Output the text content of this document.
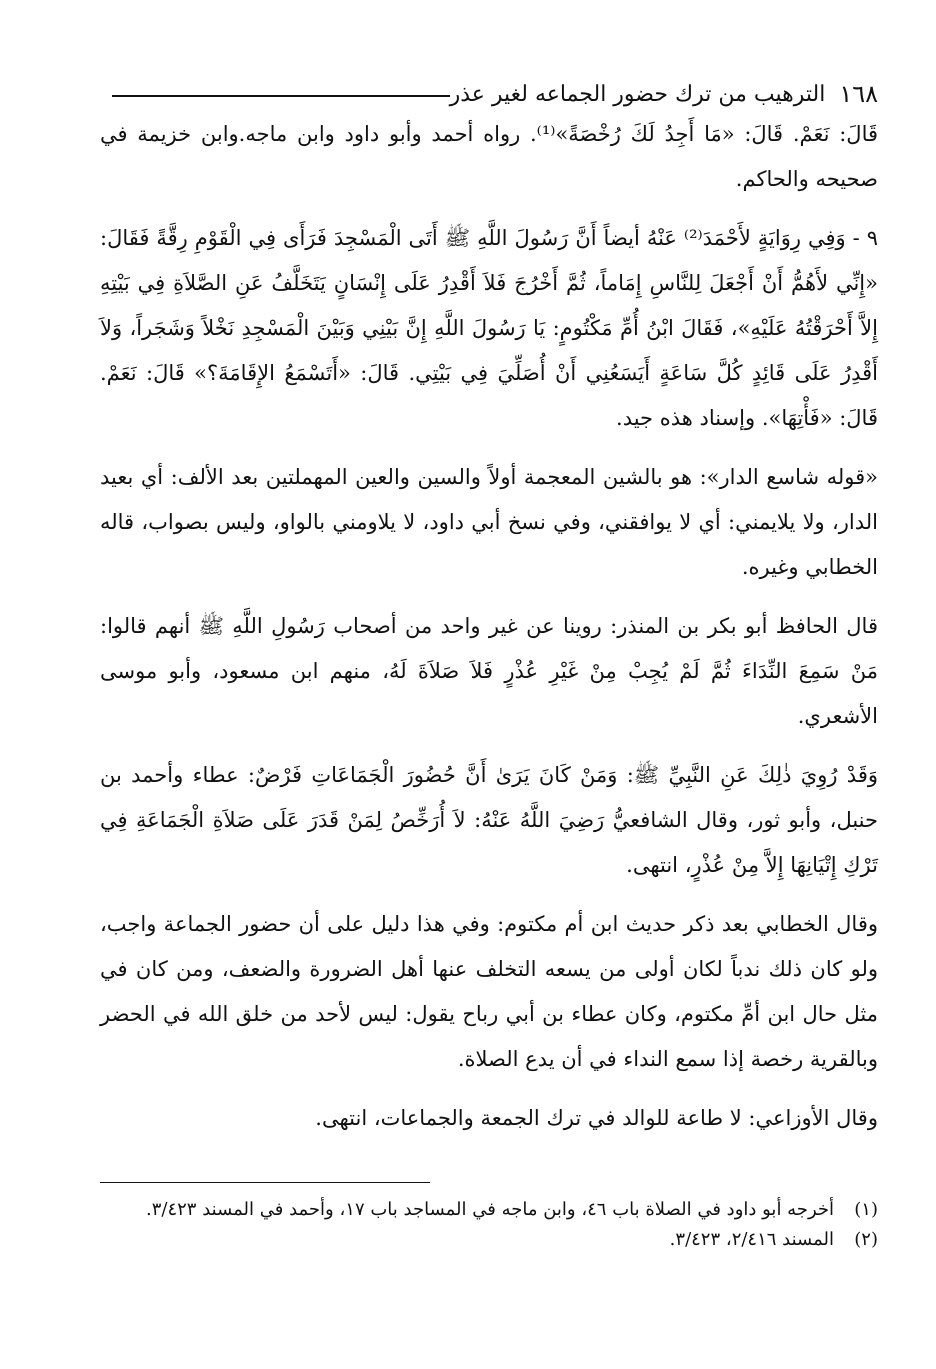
١٦٨
الترهيب من ترك حضور الجماعه لغير عذر

قَالَ: نَعَمْ. قَالَ: «مَا أَجِدُ لَكَ رُخْصَةً»⁽¹⁾. رواه أحمد وأبو داود وابن ماجه.وابن خزيمة في صحيحه والحاكم.

٩ - وَفِي رِوَايَةٍ لأَحْمَدَ⁽²⁾ عَنْهُ أيضاً أَنَّ رَسُولَ اللَّهِ ﷺ أَتَى الْمَسْجِدَ فَرَأَى فِي الْقَوْمِ رِقَّةً فَقَالَ: «إِنِّي لأَهُمُّ أَنْ أَجْعَلَ لِلنَّاسِ إِمَاماً، ثُمَّ أَخْرُجَ فَلاَ أَقْدِرُ عَلَى إِنْسَانٍ يَتَخَلَّفُ عَنِ الصَّلاَةِ فِي بَيْتِهِ إِلاَّ أَحْرَقْتُهُ عَلَيْهِ»، فَقَالَ ابْنُ أُمِّ مَكْتُومٍ: يَا رَسُولَ اللَّهِ إِنَّ بَيْنِي وَبَيْنَ الْمَسْجِدِ نَخْلاً وَشَجَراً، وَلاَ أَقْدِرُ عَلَى قَائِدٍ كُلَّ سَاعَةٍ أَيَسَعُنِي أَنْ أُصَلِّيَ فِي بَيْتِي. قَالَ: «أَتَسْمَعُ الإِقَامَةَ؟» قَالَ: نَعَمْ. قَالَ: «فَأْتِهَا». وإسناد هذه جيد.

«قوله شاسع الدار»: هو بالشين المعجمة أولاً والسين والعين المهملتين بعد الألف: أي بعيد الدار، ولا يلايمني: أي لا يوافقني، وفي نسخ أبي داود، لا يلاومني بالواو، وليس بصواب، قاله الخطابي وغيره.

قال الحافظ أبو بكر بن المنذر: روينا عن غير واحد من أصحاب رَسُولِ اللَّهِ ﷺ أنهم قالوا: مَنْ سَمِعَ النِّدَاءَ ثُمَّ لَمْ يُجِبْ مِنْ غَيْرِ عُذْرٍ فَلاَ صَلاَةَ لَهُ، منهم ابن مسعود، وأبو موسى الأشعري.

وَقَدْ رُوِيَ ذٰلِكَ عَنِ النَّبِيِّ ﷺ: وَمَنْ كَانَ يَرَىٰ أَنَّ حُضُورَ الْجَمَاعَاتِ فَرْضٌ: عطاء وأحمد بن حنبل، وأبو ثور، وقال الشافعيُّ رَضِيَ اللَّهُ عَنْهُ: لاَ أُرَخِّصُ لِمَنْ قَدَرَ عَلَى صَلاَةِ الْجَمَاعَةِ فِي تَرْكِ إِتْيَانِهَا إِلاَّ مِنْ عُذْرٍ، انتهى.

وقال الخطابي بعد ذكر حديث ابن أم مكتوم: وفي هذا دليل على أن حضور الجماعة واجب، ولو كان ذلك ندباً لكان أولى من يسعه التخلف عنها أهل الضرورة والضعف، ومن كان في مثل حال ابن أمِّ مكتوم، وكان عطاء بن أبي رباح يقول: ليس لأحد من خلق الله في الحضر وبالقرية رخصة إذا سمع النداء في أن يدع الصلاة.

وقال الأوزاعي: لا طاعة للوالد في ترك الجمعة والجماعات، انتهى.

(١)
أخرجه أبو داود في الصلاة باب ٤٦، وابن ماجه في المساجد باب ١٧، وأحمد في المسند ٣/٤٢٣.
(٢)
المسند ٢/٤١٦، ٣/٤٢٣.
